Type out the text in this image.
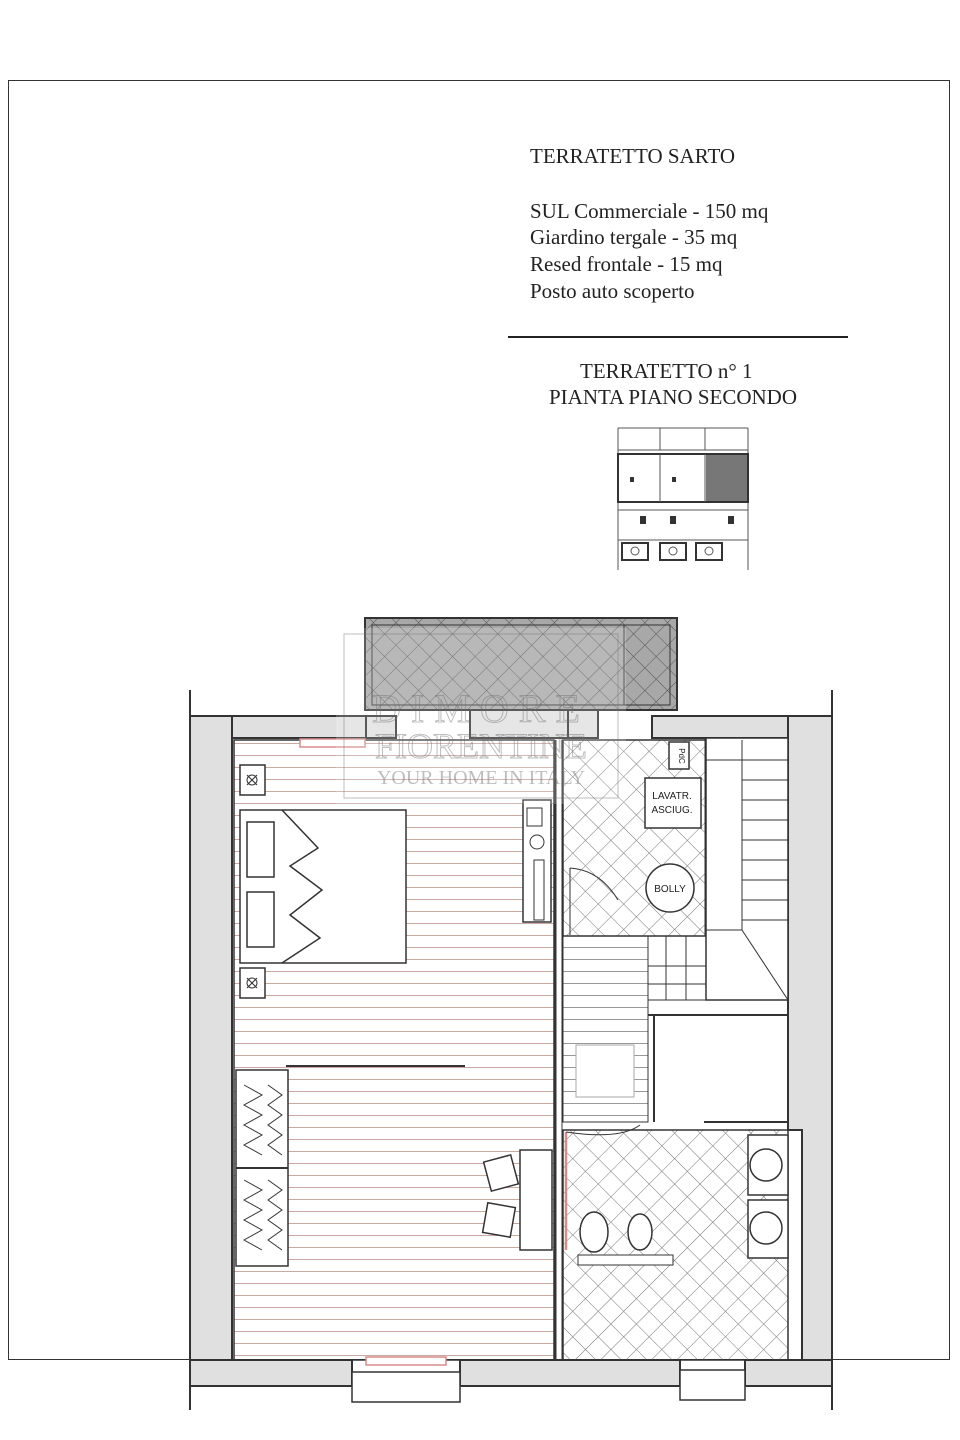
TERRATETTO SARTO
SUL Commerciale - 150 mq
Giardino tergale - 35 mq
Resed frontale - 15 mq
Posto auto scoperto
TERRATETTO n° 1
PIANTA PIANO SECONDO
PdC
LAVATR.
ASCIUG.
BOLLY
DIMORE
FIORENTINE
YOUR HOME IN ITALY
